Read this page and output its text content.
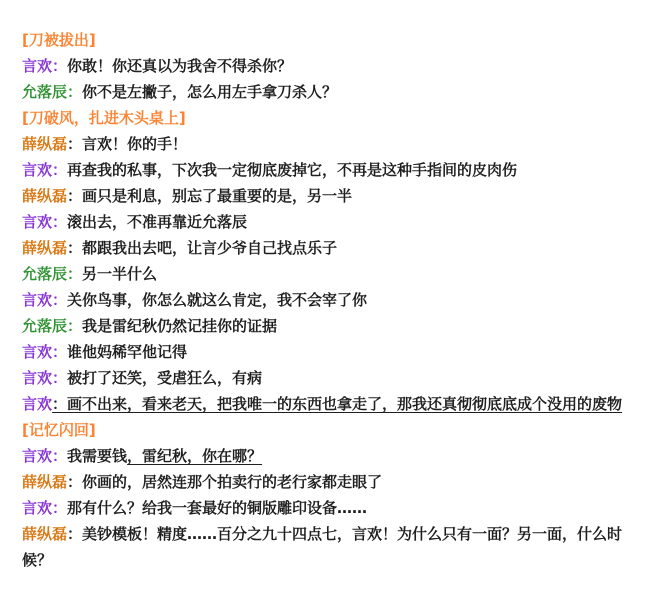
[刀被拔出]

言欢：你敢！你还真以为我舍不得杀你？

允落辰：你不是左撇子，怎么用左手拿刀杀人？

[刀破风，扎进木头桌上]

薛纵磊：言欢！你的手！

言欢：再查我的私事，下次我一定彻底废掉它，不再是这种手指间的皮肉伤

薛纵磊：画只是利息，别忘了最重要的是，另一半

言欢：滚出去，不准再靠近允落辰

薛纵磊：都跟我出去吧，让言少爷自己找点乐子

允落辰：另一半什么

言欢：关你鸟事，你怎么就这么肯定，我不会宰了你

允落辰：我是雷纪秋仍然记挂你的证据

言欢：谁他妈稀罕他记得

言欢：被打了还笑，受虐狂么，有病

言欢：画不出来，看来老天，把我唯一的东西也拿走了，那我还真彻彻底底成个没用的废物

[记忆闪回]

言欢：我需要钱，雷纪秋，你在哪？

薛纵磊：你画的，居然连那个拍卖行的老行家都走眼了

言欢：那有什么？给我一套最好的铜版雕印设备……

薛纵磊：美钞模板！精度……百分之九十四点七，言欢！为什么只有一面？另一面，什么时候？
